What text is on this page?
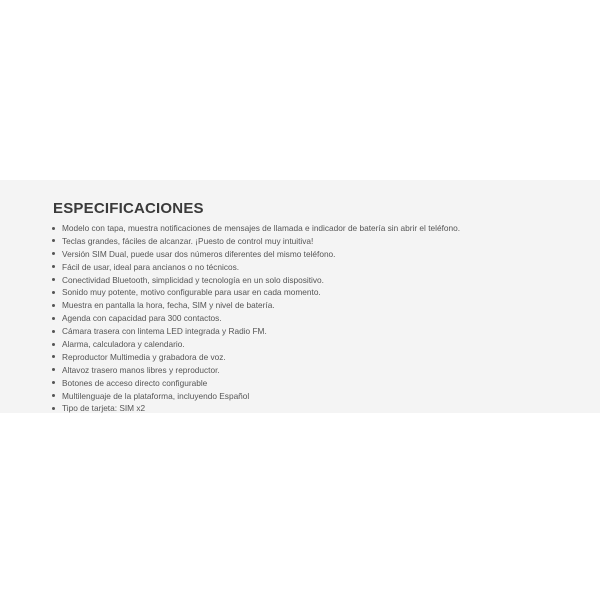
ESPECIFICACIONES
Modelo con tapa, muestra notificaciones de mensajes de llamada e indicador de batería sin abrir el teléfono.
Teclas grandes, fáciles de alcanzar. ¡Puesto de control muy intuitiva!
Versión SIM Dual, puede usar dos números diferentes del mismo teléfono.
Fácil de usar, ideal para ancianos o no técnicos.
Conectividad Bluetooth, simplicidad y tecnología en un solo dispositivo.
Sonido muy potente, motivo configurable para usar en cada momento.
Muestra en pantalla la hora, fecha, SIM y nivel de batería.
Agenda con capacidad para 300 contactos.
Cámara trasera con lintema LED integrada y Radio FM.
Alarma, calculadora y calendario.
Reproductor Multimedia y grabadora de voz.
Altavoz trasero manos libres y reproductor.
Botones de acceso directo configurable
Multilenguaje de la plataforma, incluyendo Español
Tipo de tarjeta: SIM x2
